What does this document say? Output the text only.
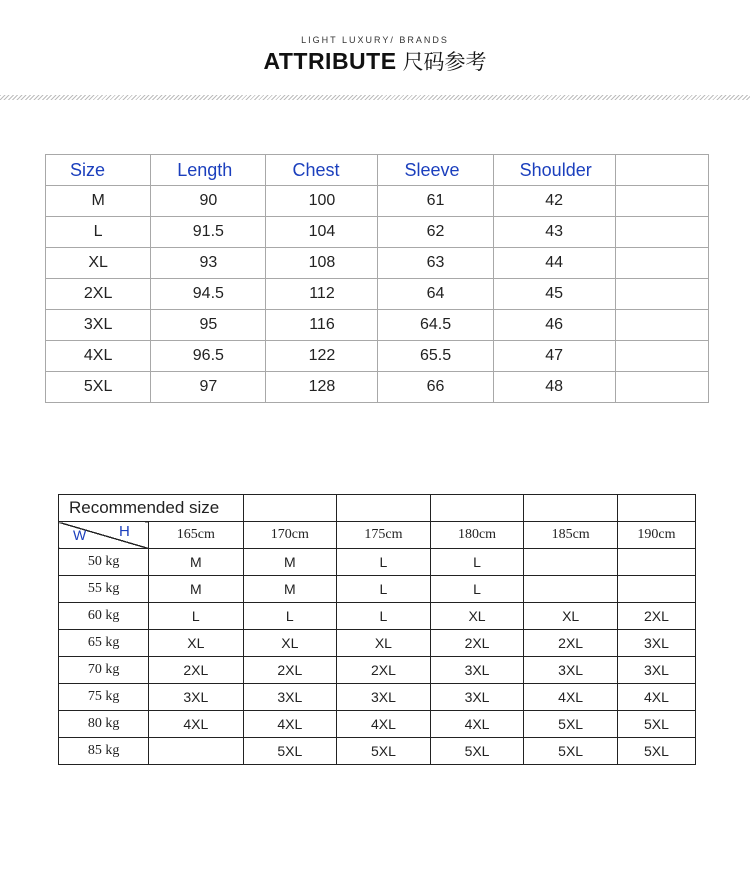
LIGHT LUXURY/ BRANDS
ATTRIBUTE 尺码参考
Size	Length	Chest	Sleeve	Shoulder	
M	90	100	61	42	
L	91.5	104	62	43	
XL	93	108	63	44	
2XL	94.5	112	64	45	
3XL	95	116	64.5	46	
4XL	96.5	122	65.5	47	
5XL	97	128	66	48	
Recommended size						

W H	165cm	170cm	175cm	180cm	185cm	190cm
50 kg	M	M	L	L		
55 kg	M	M	L	L		
60 kg	L	L	L	XL	XL	2XL
65 kg	XL	XL	XL	2XL	2XL	3XL
70 kg	2XL	2XL	2XL	3XL	3XL	3XL
75 kg	3XL	3XL	3XL	3XL	4XL	4XL
80 kg	4XL	4XL	4XL	4XL	5XL	5XL
85 kg		5XL	5XL	5XL	5XL	5XL
